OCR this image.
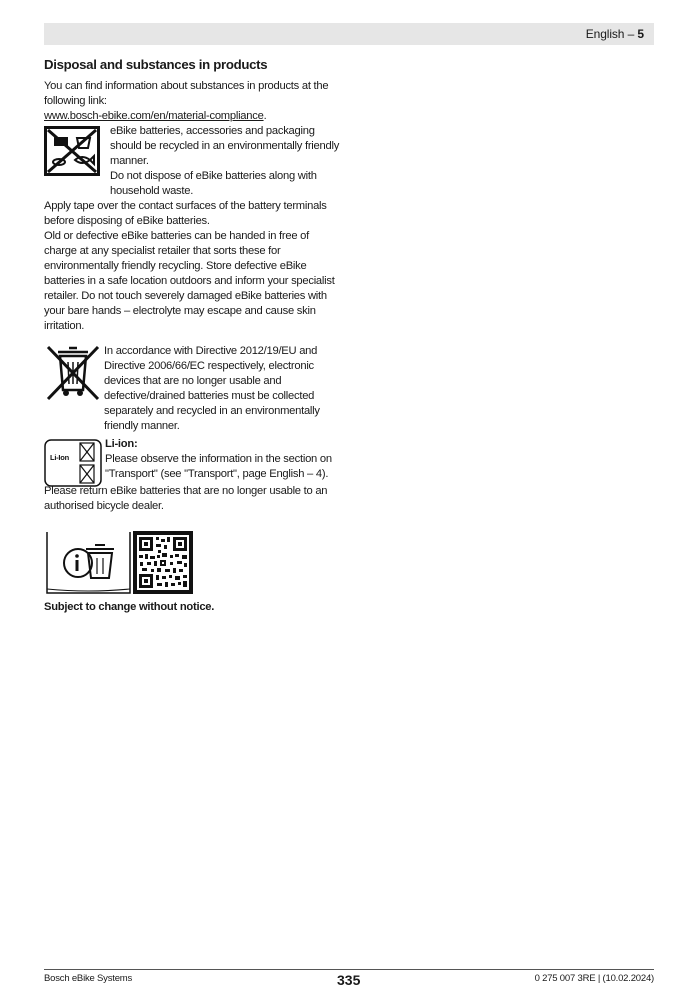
English – 5
Disposal and substances in products

You can find information about substances in products at the following link:

www.bosch-ebike.com/en/material-compliance.

eBike batteries, accessories and packaging should be recycled in an environmentally friendly manner.

Do not dispose of eBike batteries along with household waste.

Apply tape over the contact surfaces of the battery terminals before disposing of eBike batteries.

Old or defective eBike batteries can be handed in free of charge at any specialist retailer that sorts these for environmentally friendly recycling. Store defective eBike batteries in a safe location outdoors and inform your specialist retailer. Do not touch severely damaged eBike batteries with your bare hands – electrolyte may escape and cause skin irritation.

In accordance with Directive 2012/19/EU and Directive 2006/66/EC respectively, electronic devices that are no longer usable and defective/drained batteries must be collected separately and recycled in an environmentally friendly manner.

Li-Ion

Li-ion:

Please observe the information in the section on "Transport" (see "Transport", page English – 4).

Please return eBike batteries that are no longer usable to an authorised bicycle dealer.

Subject to change without notice.

Bosch eBike Systems	335	0 275 007 3RE | (10.02.2024)
